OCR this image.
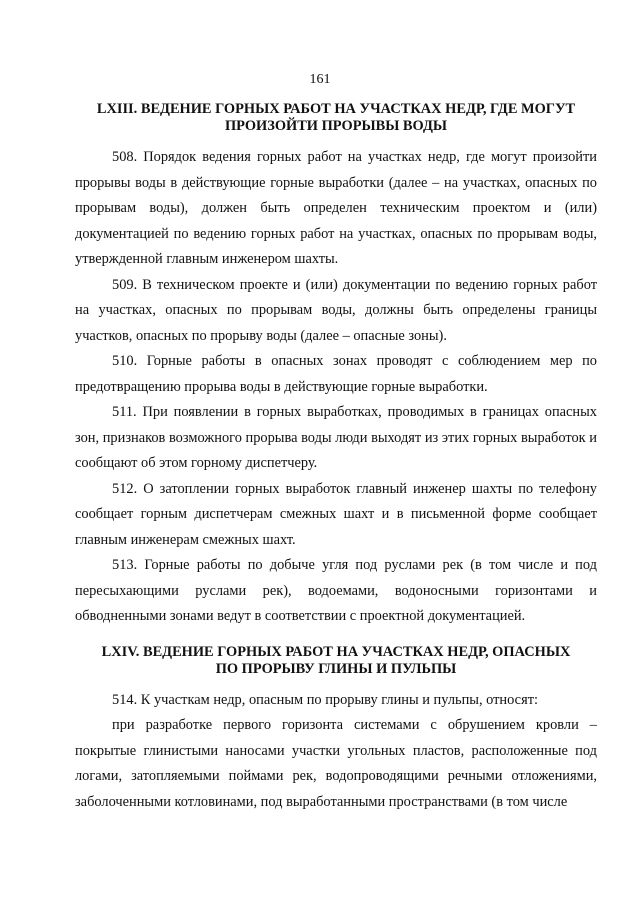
161
LXIII. ВЕДЕНИЕ ГОРНЫХ РАБОТ НА УЧАСТКАХ НЕДР, ГДЕ МОГУТ
ПРОИЗОЙТИ ПРОРЫВЫ ВОДЫ

508. Порядок ведения горных работ на участках недр, где могут произойти прорывы воды в действующие горные выработки (далее – на участках, опасных по прорывам воды), должен быть определен техническим проектом и (или) документацией по ведению горных работ на участках, опасных по прорывам воды, утвержденной главным инженером шахты.

509. В техническом проекте и (или) документации по ведению горных работ на участках, опасных по прорывам воды, должны быть определены границы участков, опасных по прорыву воды (далее – опасные зоны).

510. Горные работы в опасных зонах проводят с соблюдением мер по предотвращению прорыва воды в действующие горные выработки.

511. При появлении в горных выработках, проводимых в границах опасных зон, признаков возможного прорыва воды люди выходят из этих горных выработок и сообщают об этом горному диспетчеру.

512. О затоплении горных выработок главный инженер шахты по телефону сообщает горным диспетчерам смежных шахт и в письменной форме сообщает главным инженерам смежных шахт.

513. Горные работы по добыче угля под руслами рек (в том числе и под пересыхающими руслами рек), водоемами, водоносными горизонтами и обводненными зонами ведут в соответствии с проектной документацией.

LXIV. ВЕДЕНИЕ ГОРНЫХ РАБОТ НА УЧАСТКАХ НЕДР, ОПАСНЫХ
ПО ПРОРЫВУ ГЛИНЫ И ПУЛЬПЫ

514. К участкам недр, опасным по прорыву глины и пульпы, относят:

при разработке первого горизонта системами с обрушением кровли – покрытые глинистыми наносами участки угольных пластов, расположенные под логами, затопляемыми поймами рек, водопроводящими речными отложениями, заболоченными котловинами, под выработанными пространствами (в том числе
